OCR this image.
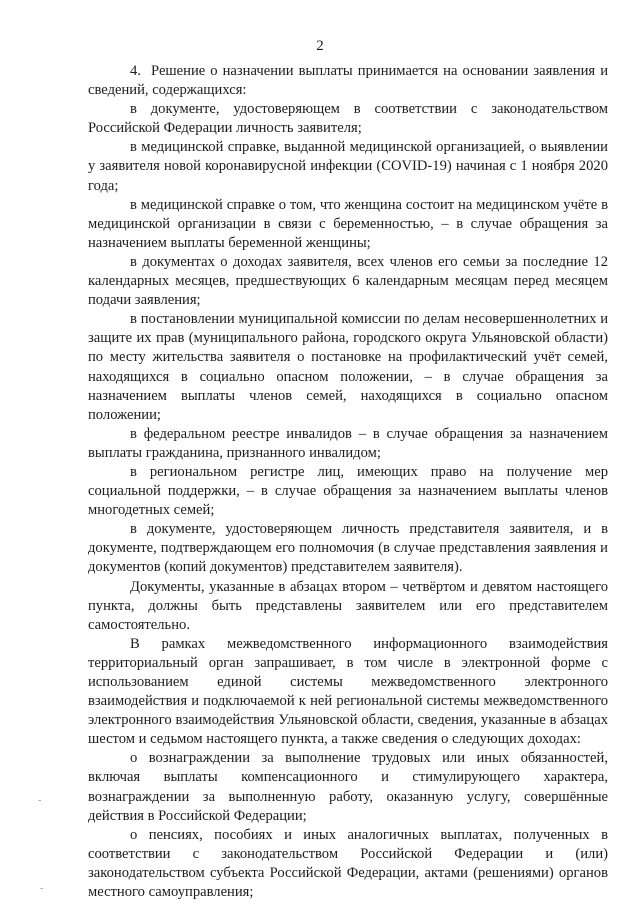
2

4.  Решение о назначении выплаты принимается на основании заявления и сведений, содержащихся:

в документе, удостоверяющем в соответствии с законодательством Российской Федерации личность заявителя;

в медицинской справке, выданной медицинской организацией, о выявлении у заявителя новой коронавирусной инфекции (COVID-19) начиная с 1 ноября 2020 года;

в медицинской справке о том, что женщина состоит на медицинском учёте в медицинской организации в связи с беременностью, – в случае обращения за назначением выплаты беременной женщины;

в документах о доходах заявителя, всех членов его семьи за последние 12 календарных месяцев, предшествующих 6 календарным месяцам перед месяцем подачи заявления;

в постановлении муниципальной комиссии по делам несовершеннолетних и защите их прав (муниципального района, городского округа Ульяновской области) по месту жительства заявителя о постановке на профилактический учёт семей, находящихся в социально опасном положении, – в случае обращения за назначением выплаты членов семей, находящихся в социально опасном положении;

в федеральном реестре инвалидов – в случае обращения за назначением выплаты гражданина, признанного инвалидом;

в региональном регистре лиц, имеющих право на получение мер социальной поддержки, – в случае обращения за назначением выплаты членов многодетных семей;

в документе, удостоверяющем личность представителя заявителя, и в документе, подтверждающем его полномочия (в случае представления заявления и документов (копий документов) представителем заявителя).

Документы, указанные в абзацах втором – четвёртом и девятом настоящего пункта, должны быть представлены заявителем или его представителем самостоятельно.

В рамках межведомственного информационного взаимодействия территориальный орган запрашивает, в том числе в электронной форме с использованием единой системы межведомственного электронного взаимодействия и подключаемой к ней региональной системы межведомственного электронного взаимодействия Ульяновской области, сведения, указанные в абзацах шестом и седьмом настоящего пункта, а также сведения о следующих доходах:

о вознаграждении за выполнение трудовых или иных обязанностей, включая выплаты компенсационного и стимулирующего характера, вознаграждении за выполненную работу, оказанную услугу, совершённые действия в Российской Федерации;

о пенсиях, пособиях и иных аналогичных выплатах, полученных в соответствии с законодательством Российской Федерации и (или) законодательством субъекта Российской Федерации, актами (решениями) органов местного самоуправления;

-
-
